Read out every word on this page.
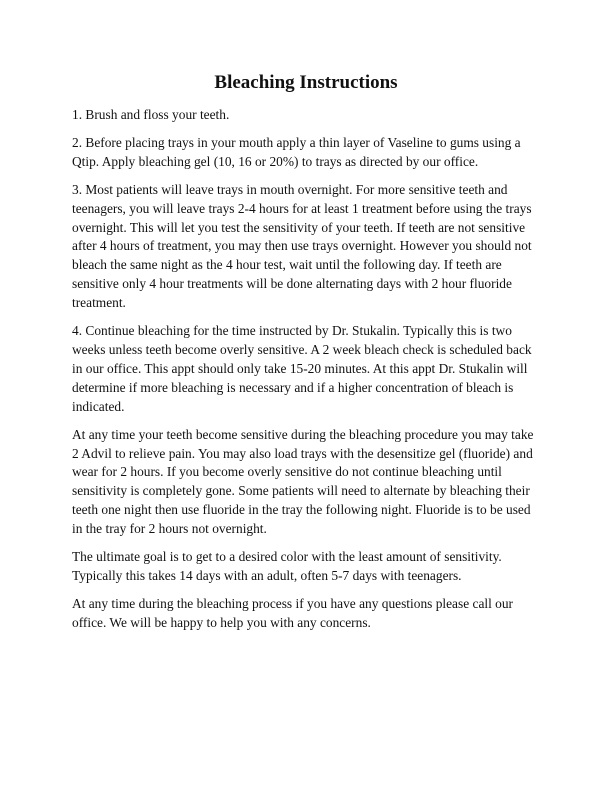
Bleaching Instructions

1. Brush and floss your teeth.

2. Before placing trays in your mouth apply a thin layer of Vaseline to gums using a Qtip. Apply bleaching gel (10, 16 or 20%) to trays as directed by our office.

3. Most patients will leave trays in mouth overnight. For more sensitive teeth and teenagers, you will leave trays 2-4 hours for at least 1 treatment before using the trays overnight. This will let you test the sensitivity of your teeth. If teeth are not sensitive after 4 hours of treatment, you may then use trays overnight. However you should not bleach the same night as the 4 hour test, wait until the following day. If teeth are sensitive only 4 hour treatments will be done alternating days with 2 hour fluoride treatment.

4. Continue bleaching for the time instructed by Dr. Stukalin. Typically this is two weeks unless teeth become overly sensitive. A 2 week bleach check is scheduled back in our office. This appt should only take 15-20 minutes. At this appt Dr. Stukalin will determine if more bleaching is necessary and if a higher concentration of bleach is indicated.

At any time your teeth become sensitive during the bleaching procedure you may take 2 Advil to relieve pain. You may also load trays with the desensitize gel (fluoride) and wear for 2 hours. If you become overly sensitive do not continue bleaching until sensitivity is completely gone. Some patients will need to alternate by bleaching their teeth one night then use fluoride in the tray the following night. Fluoride is to be used in the tray for 2 hours not overnight.

The ultimate goal is to get to a desired color with the least amount of sensitivity. Typically this takes 14 days with an adult, often 5-7 days with teenagers.

At any time during the bleaching process if you have any questions please call our office. We will be happy to help you with any concerns.
